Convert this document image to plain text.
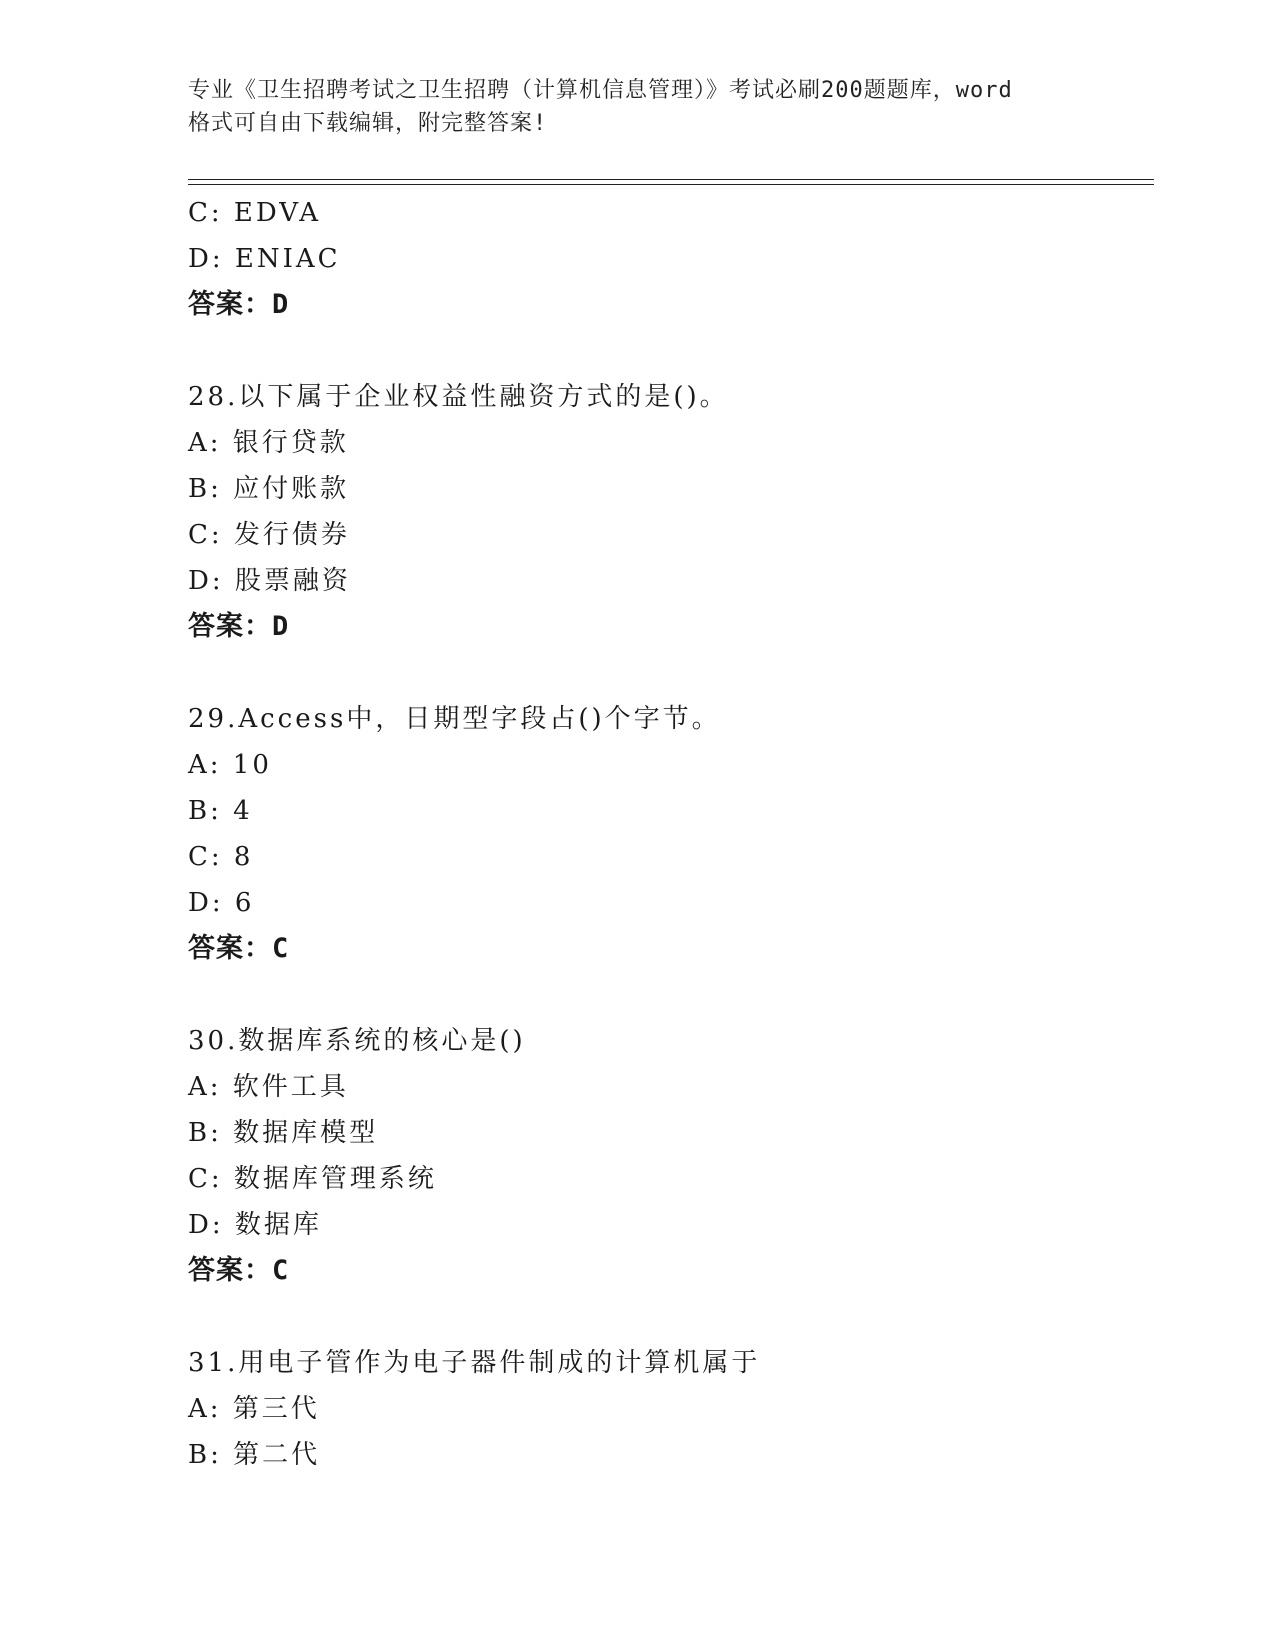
专业《卫生招聘考试之卫生招聘（计算机信息管理）》考试必刷200题题库，word
格式可自由下载编辑，附完整答案!
C: EDVA
D: ENIAC
答案：D
28.以下属于企业权益性融资方式的是()。
A: 银行贷款
B: 应付账款
C: 发行债券
D: 股票融资
答案：D
29.Access中，日期型字段占()个字节。
A: 10
B: 4
C: 8
D: 6
答案：C
30.数据库系统的核心是()
A: 软件工具
B: 数据库模型
C: 数据库管理系统
D: 数据库
答案：C
31.用电子管作为电子器件制成的计算机属于
A: 第三代
B: 第二代
